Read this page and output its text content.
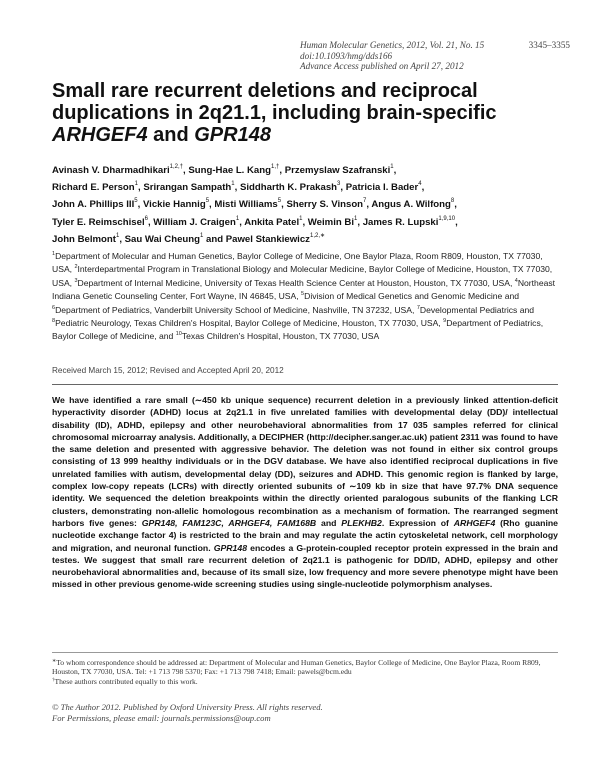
Human Molecular Genetics, 2012, Vol. 21, No. 15	3345–3355
doi:10.1093/hmg/dds166
Advance Access published on April 27, 2012
Small rare recurrent deletions and reciprocal
duplications in 2q21.1, including brain-specific
ARHGEF4 and GPR148
Avinash V. Dharmadhikari$^{1,2,\dagger}$, Sung-Hae L. Kang$^{1,\dagger}$, Przemyslaw Szafranski$^1$,
Richard E. Person$^1$, Srirangan Sampath$^1$, Siddharth K. Prakash$^3$, Patricia I. Bader$^4$,
John A. Phillips III$^5$, Vickie Hannig$^5$, Misti Williams$^5$, Sherry S. Vinson$^7$, Angus A. Wilfong$^8$,
Tyler E. Reimschisel$^6$, William J. Craigen$^1$, Ankita Patel$^1$, Weimin Bi$^1$, James R. Lupski$^{1,9,10}$,
John Belmont$^1$, Sau Wai Cheung$^1$ and Pawel Stankiewicz$^{1,2,∗}$
$^1$Department of Molecular and Human Genetics, Baylor College of Medicine, One Baylor Plaza, Room R809, Houston, TX 77030, USA, $^2$Interdepartmental Program in Translational Biology and Molecular Medicine, Baylor College of Medicine, Houston, TX 77030, USA, $^3$Department of Internal Medicine, University of Texas Health Science Center at Houston, Houston, TX 77030, USA, $^4$Northeast Indiana Genetic Counseling Center, Fort Wayne, IN 46845, USA, $^5$Division of Medical Genetics and Genomic Medicine and $^6$Department of Pediatrics, Vanderbilt University School of Medicine, Nashville, TN 37232, USA, $^7$Developmental Pediatrics and $^8$Pediatric Neurology, Texas Children's Hospital, Baylor College of Medicine, Houston, TX 77030, USA, $^9$Department of Pediatrics, Baylor College of Medicine, and $^{10}$Texas Children's Hospital, Houston, TX 77030, USA
Received March 15, 2012; Revised and Accepted April 20, 2012
We have identified a rare small (∼450 kb unique sequence) recurrent deletion in a previously linked attention-deficit hyperactivity disorder (ADHD) locus at 2q21.1 in five unrelated families with developmental delay (DD)/ intellectual disability (ID), ADHD, epilepsy and other neurobehavioral abnormalities from 17 035 samples referred for clinical chromosomal microarray analysis. Additionally, a DECIPHER (http://decipher.sanger.ac.uk) patient 2311 was found to have the same deletion and presented with aggressive behavior. The deletion was not found in either six control groups consisting of 13 999 healthy individuals or in the DGV database. We have also identified reciprocal duplications in five unrelated families with autism, developmental delay (DD), seizures and ADHD. This genomic region is flanked by large, complex low-copy repeats (LCRs) with directly oriented subunits of ∼109 kb in size that have 97.7% DNA sequence identity. We sequenced the deletion breakpoints within the directly oriented paralogous subunits of the flanking LCR clusters, demonstrating non-allelic homologous recombination as a mechanism of formation. The rearranged segment harbors five genes: GPR148, FAM123C, ARHGEF4, FAM168B and PLEKHB2. Expression of ARHGEF4 (Rho guanine nucleotide exchange factor 4) is restricted to the brain and may regulate the actin cytoskeletal network, cell morphology and migration, and neuronal function. GPR148 encodes a G-protein-coupled receptor protein expressed in the brain and testes. We suggest that small rare recurrent deletion of 2q21.1 is pathogenic for DD/ID, ADHD, epilepsy and other neurobehavioral abnormalities and, because of its small size, low frequency and more severe phenotype might have been missed in other previous genome-wide screening studies using single-nucleotide polymorphism analyses.
∗To whom correspondence should be addressed at: Department of Molecular and Human Genetics, Baylor College of Medicine, One Baylor Plaza, Room R809, Houston, TX 77030, USA. Tel: +1 713 798 5370; Fax: +1 713 798 7418; Email: pawels@bcm.edu
†These authors contributed equally to this work.
© The Author 2012. Published by Oxford University Press. All rights reserved.
For Permissions, please email: journals.permissions@oup.com
